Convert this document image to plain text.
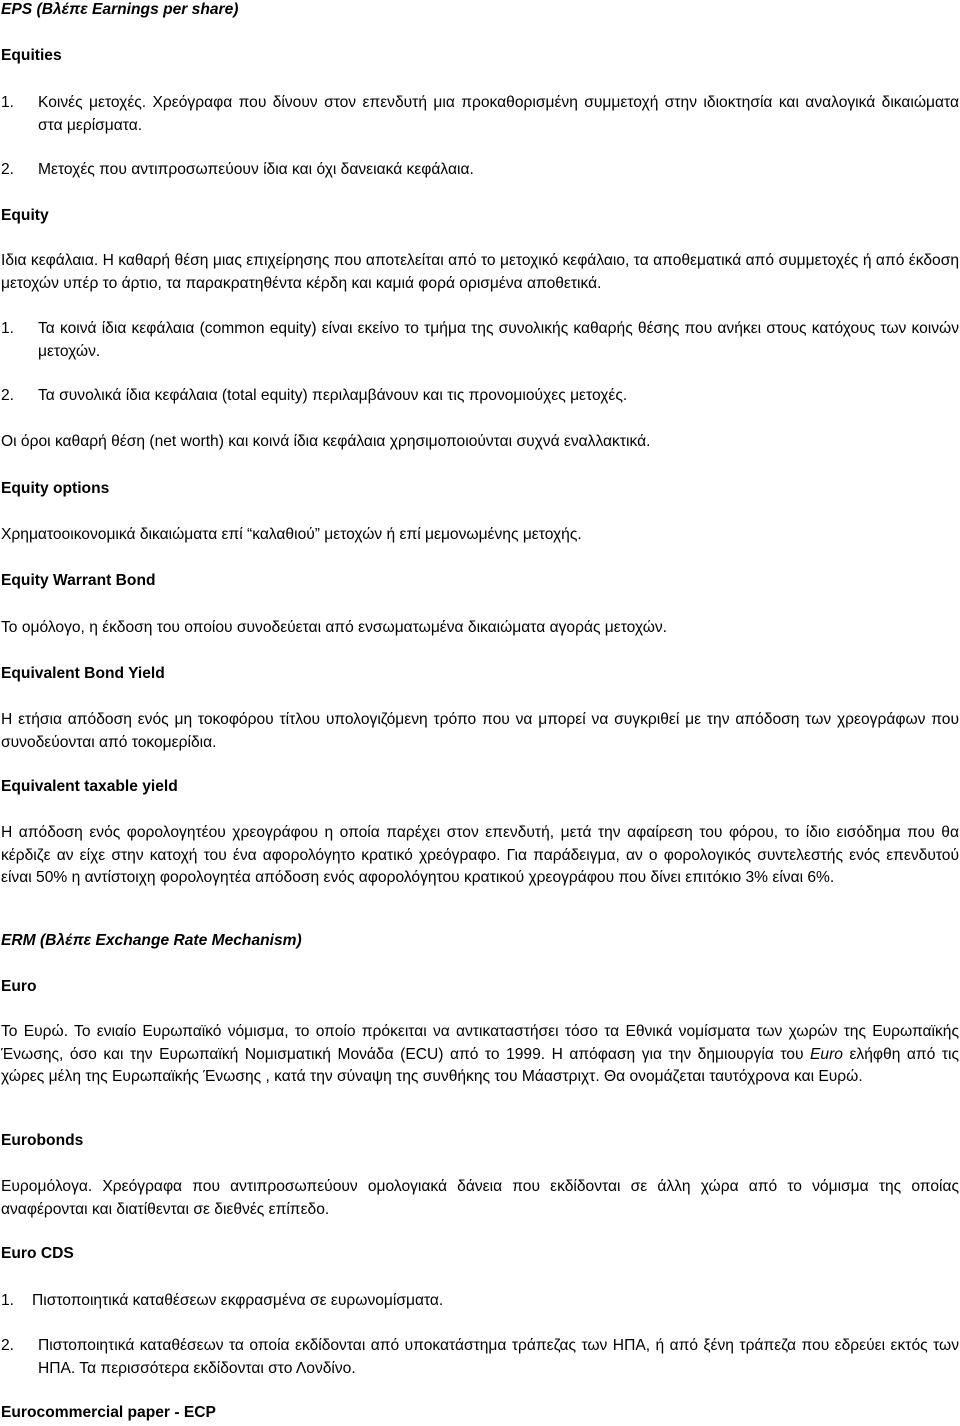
EPS (Βλέπε Earnings per share)
Equities
1. Κοινές μετοχές. Χρεόγραφα που δίνουν στον επενδυτή μια προκαθορισμένη συμμετοχή στην ιδιοκτησία και αναλογικά δικαιώματα στα μερίσματα.
2. Μετοχές που αντιπροσωπεύουν ίδια και όχι δανειακά κεφάλαια.
Equity
Ιδια κεφάλαια. Η καθαρή θέση μιας επιχείρησης που αποτελείται από το μετοχικό κεφάλαιο, τα αποθεματικά από συμμετοχές ή από έκδοση μετοχών υπέρ το άρτιο, τα παρακρατηθέντα κέρδη και καμιά φορά ορισμένα αποθετικά.
1. Τα κοινά ίδια κεφάλαια (common equity) είναι εκείνο το τμήμα της συνολικής καθαρής θέσης που ανήκει στους κατόχους των κοινών μετοχών.
2. Τα συνολικά ίδια κεφάλαια (total equity) περιλαμβάνουν και τις προνομιούχες μετοχές.
Οι όροι καθαρή θέση (net worth) και κοινά ίδια κεφάλαια χρησιμοποιούνται συχνά εναλλακτικά.
Equity options
Χρηματοοικονομικά δικαιώματα επί “καλαθιού” μετοχών ή επί μεμονωμένης μετοχής.
Equity Warrant Bond
Το ομόλογο, η έκδοση του οποίου συνοδεύεται από ενσωματωμένα δικαιώματα αγοράς μετοχών.
Equivalent Bond Yield
Η ετήσια απόδοση ενός μη τοκοφόρου τίτλου υπολογιζόμενη τρόπο που να μπορεί να συγκριθεί με την απόδοση των χρεογράφων που συνοδεύονται από τοκομερίδια.
Equivalent taxable yield
Η απόδοση ενός φορολογητέου χρεογράφου η οποία παρέχει στον επενδυτή, μετά την αφαίρεση του φόρου, το ίδιο εισόδημα που θα κέρδιζε αν είχε στην κατοχή του ένα αφορολόγητο κρατικό χρεόγραφο. Για παράδειγμα, αν ο φορολογικός συντελεστής ενός επενδυτού είναι 50% η αντίστοιχη φορολογητέα απόδοση ενός αφορολόγητου κρατικού χρεογράφου που δίνει επιτόκιο 3% είναι 6%.
ERM (Βλέπε Exchange Rate Mechanism)
Euro
Το Ευρώ. Το ενιαίο Ευρωπαϊκό νόμισμα, το οποίο πρόκειται να αντικαταστήσει τόσο τα Εθνικά νομίσματα των χωρών της Ευρωπαϊκής Ένωσης, όσο και την Ευρωπαϊκή Νομισματική Μονάδα (ECU) από το 1999. Η απόφαση για την δημιουργία του Euro ελήφθη από τις χώρες μέλη της Ευρωπαϊκής Ένωσης , κατά την σύναψη της συνθήκης του Μάαστριχτ. Θα ονομάζεται ταυτόχρονα και Ευρώ.
Eurobonds
Ευρομόλογα. Χρεόγραφα που αντιπροσωπεύουν ομολογιακά δάνεια που εκδίδονται σε άλλη χώρα από το νόμισμα της οποίας αναφέρονται και διατίθενται σε διεθνές επίπεδο.
Euro CDS
1. Πιστοποιητικά καταθέσεων εκφρασμένα σε ευρωνομίσματα.
2. Πιστοποιητικά καταθέσεων τα οποία εκδίδονται από υποκατάστημα τράπεζας των ΗΠΑ, ή από ξένη τράπεζα που εδρεύει εκτός των ΗΠΑ. Τα περισσότερα εκδίδονται στο Λονδίνο.
Eurocommercial paper - ECP
